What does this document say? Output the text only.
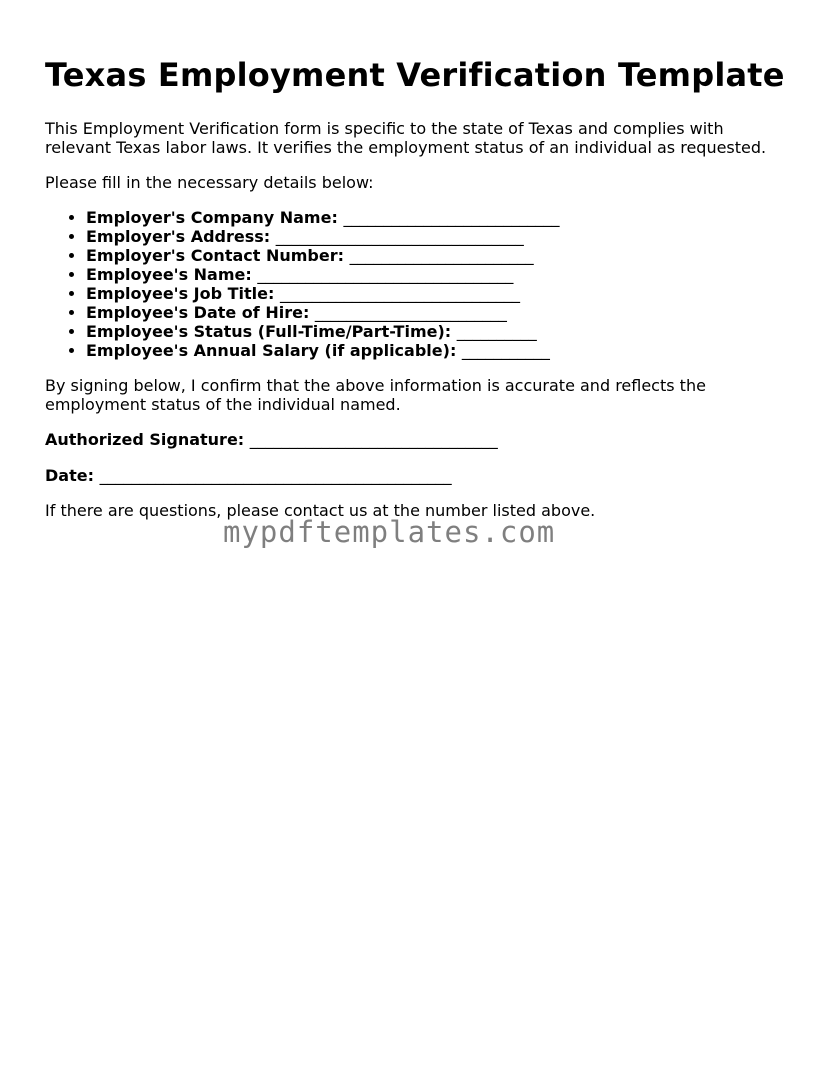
Texas Employment Verification Template

This Employment Verification form is specific to the state of Texas and complies with relevant Texas labor laws. It verifies the employment status of an individual as requested.

Please fill in the necessary details below:

• Employer's Company Name: ___________________________
• Employer's Address: _______________________________
• Employer's Contact Number: _______________________
• Employee's Name: ________________________________
• Employee's Job Title: ______________________________
• Employee's Date of Hire: ________________________
• Employee's Status (Full-Time/Part-Time): __________
• Employee's Annual Salary (if applicable): ___________

By signing below, I confirm that the above information is accurate and reflects the employment status of the individual named.

Authorized Signature: _______________________________

Date: ____________________________________________

If there are questions, please contact us at the number listed above.

mypdftemplates.com
